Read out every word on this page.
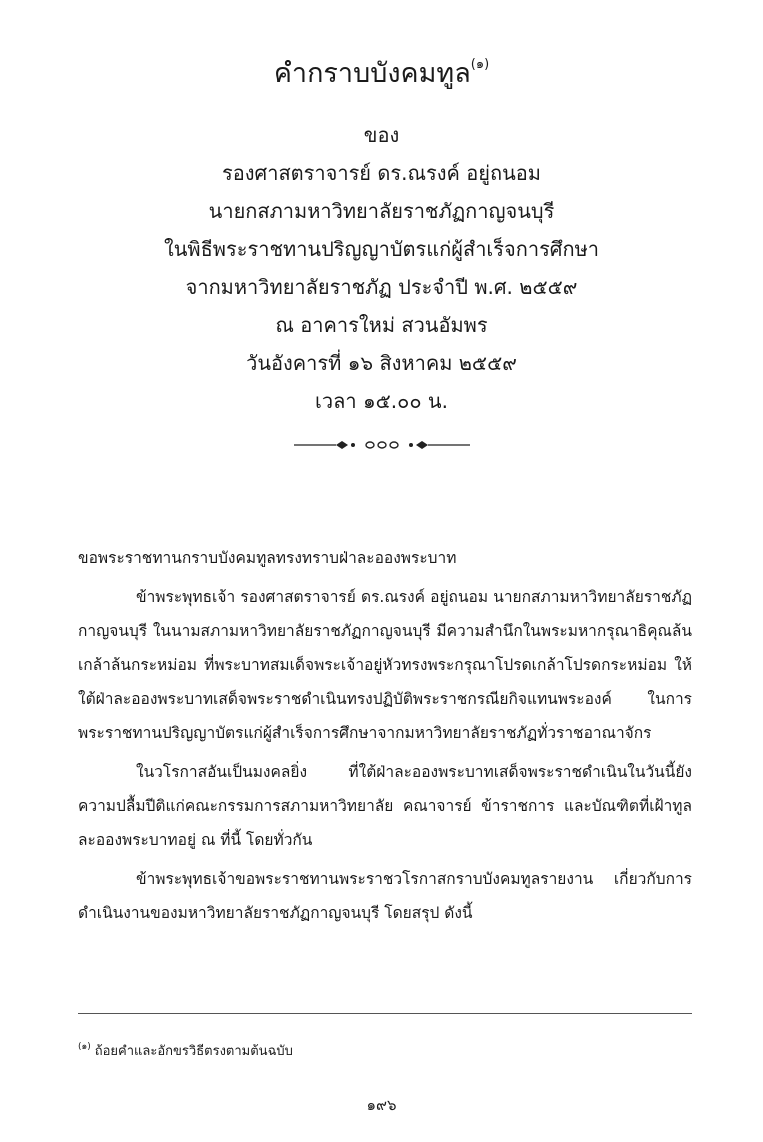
คำกราบบังคมทูล$^{(๑)}$
ของ
รองศาสตราจารย์ ดร.ณรงค์ อยู่ถนอม
นายกสภามหาวิทยาลัยราชภัฏกาญจนบุรี
ในพิธีพระราชทานปริญญาบัตรแก่ผู้สำเร็จการศึกษา
จากมหาวิทยาลัยราชภัฏ ประจำปี พ.ศ. ๒๕๕๙
ณ อาคารใหม่ สวนอัมพร
วันอังคารที่ ๑๖ สิงหาคม ๒๕๕๙
เวลา ๑๕.๐๐ น.

ขอพระราชทานกราบบังคมทูลทรงทราบฝ่าละอองพระบาท

ข้าพระพุทธเจ้า รองศาสตราจารย์ ดร.ณรงค์ อยู่ถนอม นายกสภามหาวิทยาลัยราชภัฏกาญจนบุรี ในนามสภามหาวิทยาลัยราชภัฏกาญจนบุรี มีความสำนึกในพระมหากรุณาธิคุณล้นเกล้าล้นกระหม่อม ที่พระบาทสมเด็จพระเจ้าอยู่หัวทรงพระกรุณาโปรดเกล้าโปรดกระหม่อม ให้ใต้ฝ่าละอองพระบาทเสด็จพระราชดำเนินทรงปฏิบัติพระราชกรณียกิจแทนพระองค์ ในการพระราชทานปริญญาบัตรแก่ผู้สำเร็จการศึกษาจากมหาวิทยาลัยราชภัฏทั่วราชอาณาจักร

ในวโรกาสอันเป็นมงคลยิ่ง ที่ใต้ฝ่าละอองพระบาทเสด็จพระราชดำเนินในวันนี้ยังความปลื้มปีติแก่คณะกรรมการสภามหาวิทยาลัย คณาจารย์ ข้าราชการ และบัณฑิตที่เฝ้าทูลละอองพระบาทอยู่ ณ ที่นี้ โดยทั่วกัน

ข้าพระพุทธเจ้าขอพระราชทานพระราชวโรกาสกราบบังคมทูลรายงาน เกี่ยวกับการดำเนินงานของมหาวิทยาลัยราชภัฏกาญจนบุรี โดยสรุป ดังนี้

$^{(๑)}$ ถ้อยคำและอักขรวิธีตรงตามต้นฉบับ
๑๙๖
